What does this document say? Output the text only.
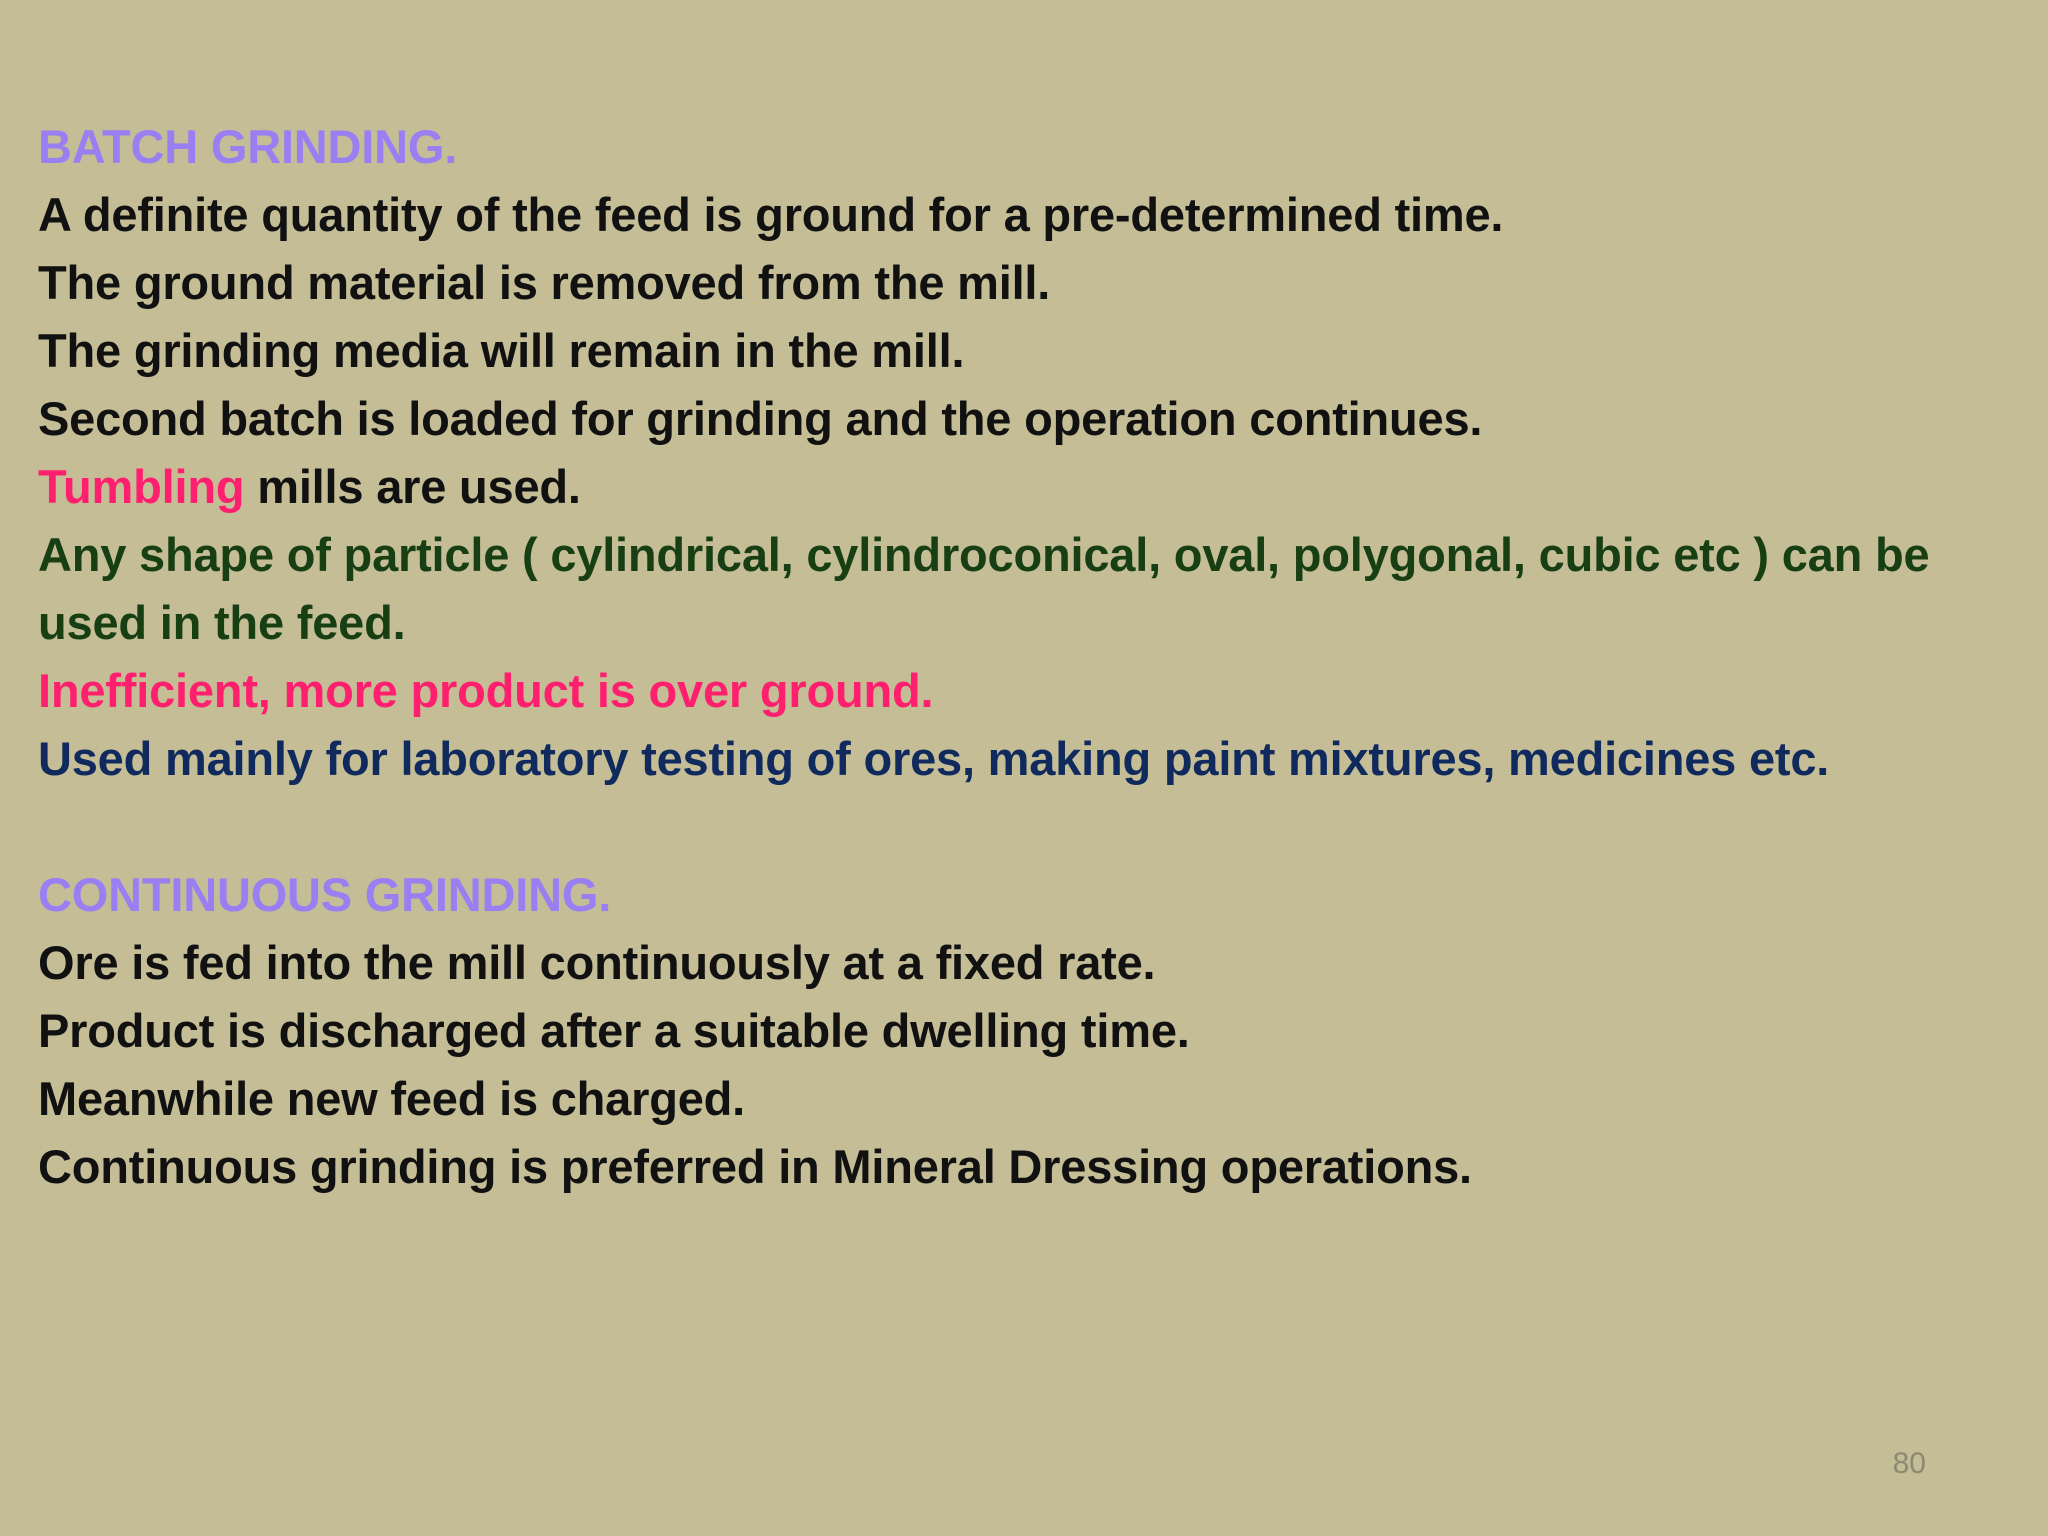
BATCH GRINDING.
A definite quantity of the feed is ground for a pre-determined time.
The ground material is removed from the mill.
The grinding media will remain in the mill.
Second batch is loaded for grinding and the operation continues.
Tumbling mills are used.
Any shape of particle ( cylindrical, cylindroconical, oval, polygonal, cubic etc ) can be used in the feed.
Inefficient, more product is over ground.
Used mainly for laboratory testing of ores, making paint mixtures, medicines etc.
CONTINUOUS GRINDING.
Ore is fed into the mill continuously at a fixed rate.
Product is discharged after a suitable dwelling time.
Meanwhile new feed is charged.
Continuous grinding is preferred in Mineral Dressing operations.
80
